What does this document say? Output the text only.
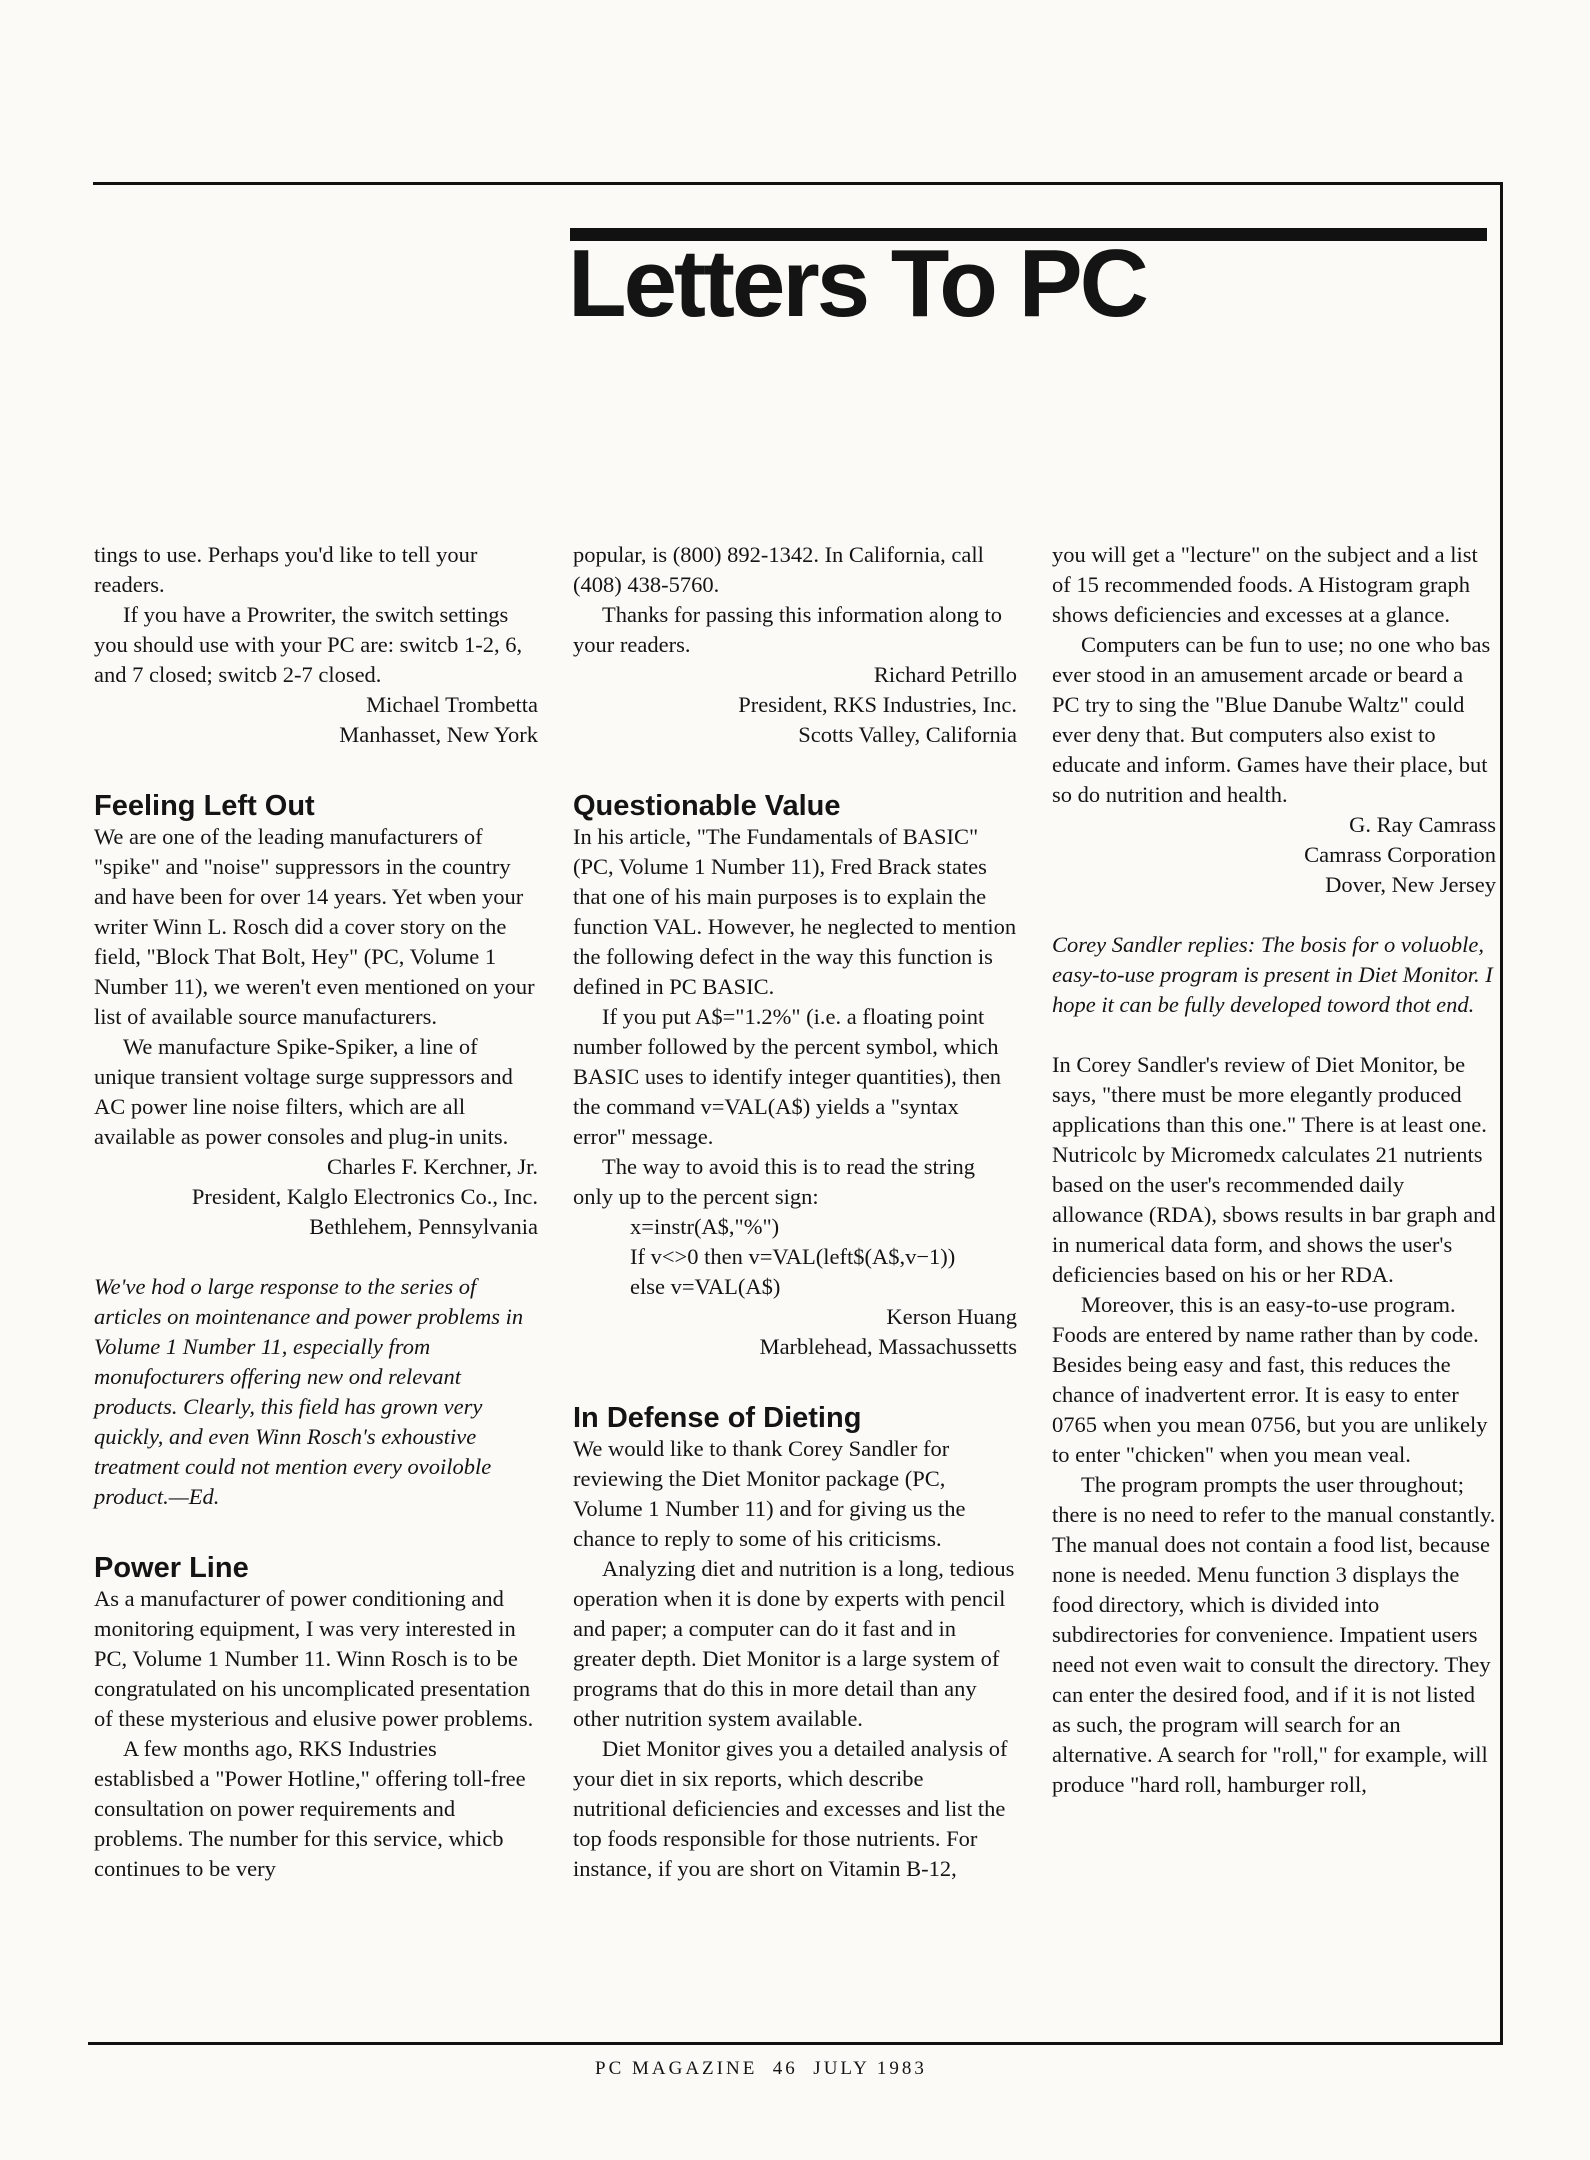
Letters To PC

tings to use. Perhaps you'd like to tell your readers.

If you have a Prowriter, the switch settings you should use with your PC are: switcb 1-2, 6, and 7 closed; switcb 2-7 closed.

Michael Trombetta

Manhasset, New York

Feeling Left Out

We are one of the leading manufacturers of "spike" and "noise" suppressors in the country and have been for over 14 years. Yet wben your writer Winn L. Rosch did a cover story on the field, "Block That Bolt, Hey" (PC, Volume 1 Number 11), we weren't even mentioned on your list of available source manufacturers.

We manufacture Spike-Spiker, a line of unique transient voltage surge suppressors and AC power line noise filters, which are all available as power consoles and plug-in units.

Charles F. Kerchner, Jr.

President, Kalglo Electronics Co., Inc.

Bethlehem, Pennsylvania

We've hod o large response to the series of articles on mointenance and power problems in Volume 1 Number 11, especially from monufocturers offering new ond relevant products. Clearly, this field has grown very quickly, and even Winn Rosch's exhoustive treatment could not mention every ovoiloble product.—Ed.

Power Line

As a manufacturer of power conditioning and monitoring equipment, I was very interested in PC, Volume 1 Number 11. Winn Rosch is to be congratulated on his uncomplicated presentation of these mysterious and elusive power problems.

A few months ago, RKS Industries establisbed a "Power Hotline," offering toll-free consultation on power requirements and problems. The number for this service, whicb continues to be very

popular, is (800) 892-1342. In California, call (408) 438-5760.

Thanks for passing this information along to your readers.

Richard Petrillo

President, RKS Industries, Inc.

Scotts Valley, California

Questionable Value

In his article, "The Fundamentals of BASIC" (PC, Volume 1 Number 11), Fred Brack states that one of his main purposes is to explain the function VAL. However, he neglected to mention the following defect in the way this function is defined in PC BASIC.

If you put A$="1.2%" (i.e. a floating point number followed by the percent symbol, which BASIC uses to identify integer quantities), then the command v=VAL(A$) yields a "syntax error" message.

The way to avoid this is to read the string only up to the percent sign:

x=instr(A$,"%")

If v<>0 then v=VAL(left$(A$,v−1))

else v=VAL(A$)

Kerson Huang

Marblehead, Massachussetts

In Defense of Dieting

We would like to thank Corey Sandler for reviewing the Diet Monitor package (PC, Volume 1 Number 11) and for giving us the chance to reply to some of his criticisms.

Analyzing diet and nutrition is a long, tedious operation when it is done by experts with pencil and paper; a computer can do it fast and in greater depth. Diet Monitor is a large system of programs that do this in more detail than any other nutrition system available.

Diet Monitor gives you a detailed analysis of your diet in six reports, which describe nutritional deficiencies and excesses and list the top foods responsible for those nutrients. For instance, if you are short on Vitamin B-12,

you will get a "lecture" on the subject and a list of 15 recommended foods. A Histogram graph shows deficiencies and excesses at a glance.

Computers can be fun to use; no one who bas ever stood in an amusement arcade or beard a PC try to sing the "Blue Danube Waltz" could ever deny that. But computers also exist to educate and inform. Games have their place, but so do nutrition and health.

G. Ray Camrass

Camrass Corporation

Dover, New Jersey

Corey Sandler replies: The bosis for o voluoble, easy-to-use program is present in Diet Monitor. I hope it can be fully developed toword thot end.

In Corey Sandler's review of Diet Monitor, be says, "there must be more elegantly produced applications than this one." There is at least one. Nutricolc by Micromedx calculates 21 nutrients based on the user's recommended daily allowance (RDA), sbows results in bar graph and in numerical data form, and shows the user's deficiencies based on his or her RDA.

Moreover, this is an easy-to-use program. Foods are entered by name rather than by code. Besides being easy and fast, this reduces the chance of inadvertent error. It is easy to enter 0765 when you mean 0756, but you are unlikely to enter "chicken" when you mean veal.

The program prompts the user throughout; there is no need to refer to the manual constantly. The manual does not contain a food list, because none is needed. Menu function 3 displays the food directory, which is divided into subdirectories for convenience. Impatient users need not even wait to consult the directory. They can enter the desired food, and if it is not listed as such, the program will search for an alternative. A search for "roll," for example, will produce "hard roll, hamburger roll,

PC MAGAZINE  46  JULY 1983
